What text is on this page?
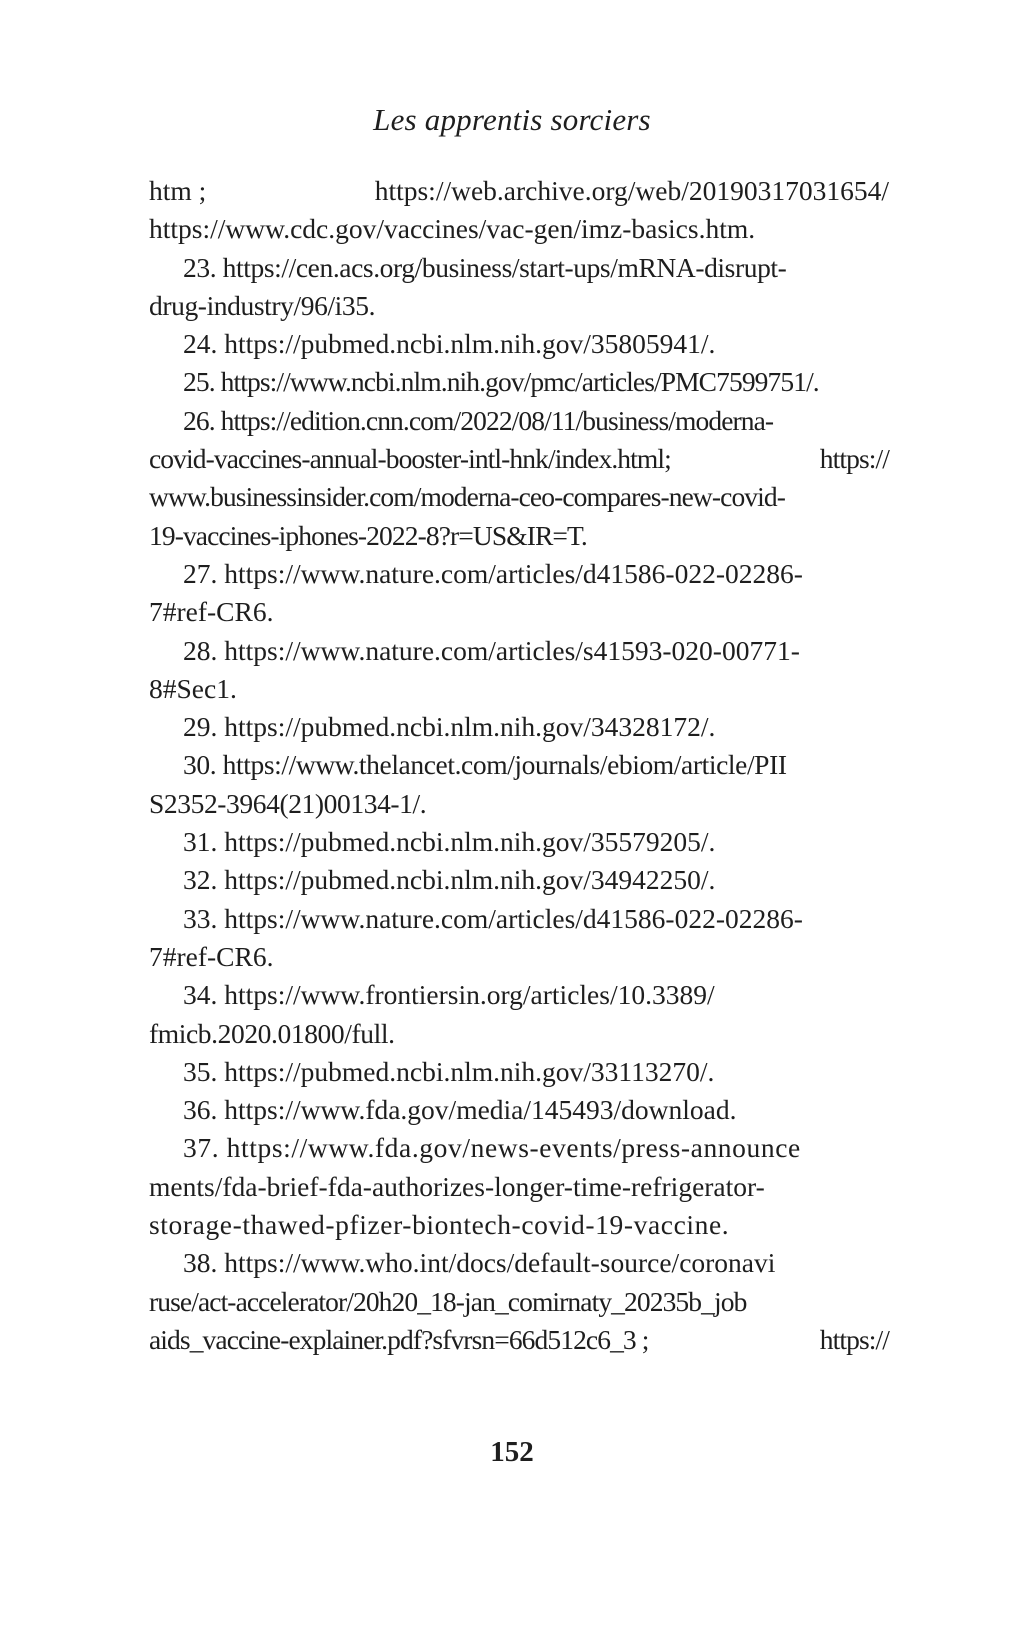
Les apprentis sorciers
htm ;	https://web.archive.org/web/20190317031654/
https://www.cdc.gov/vaccines/vac-gen/imz-basics.htm.
23. https://cen.acs.org/business/start-ups/mRNA-disrupt-
drug-industry/96/i35.
24. https://pubmed.ncbi.nlm.nih.gov/35805941/.
25. https://www.ncbi.nlm.nih.gov/pmc/articles/PMC7599751/.
26. https://edition.cnn.com/2022/08/11/business/moderna-
covid-vaccines-annual-booster-intl-hnk/index.html;	https://
www.businessinsider.com/moderna-ceo-compares-new-covid-
19-vaccines-iphones-2022-8?r=US&IR=T.
27. https://www.nature.com/articles/d41586-022-02286-
7#ref-CR6.
28. https://www.nature.com/articles/s41593-020-00771-
8#Sec1.
29. https://pubmed.ncbi.nlm.nih.gov/34328172/.
30. https://www.thelancet.com/journals/ebiom/article/PII
S2352-3964(21)00134-1/.
31. https://pubmed.ncbi.nlm.nih.gov/35579205/.
32. https://pubmed.ncbi.nlm.nih.gov/34942250/.
33. https://www.nature.com/articles/d41586-022-02286-
7#ref-CR6.
34. https://www.frontiersin.org/articles/10.3389/
fmicb.2020.01800/full.
35. https://pubmed.ncbi.nlm.nih.gov/33113270/.
36. https://www.fda.gov/media/145493/download.
37. https://www.fda.gov/news-events/press-announce
ments/fda-brief-fda-authorizes-longer-time-refrigerator-
storage-thawed-pfizer-biontech-covid-19-vaccine.
38. https://www.who.int/docs/default-source/coronavi
ruse/act-accelerator/20h20_18-jan_comirnaty_20235b_job
aids_vaccine-explainer.pdf?sfvrsn=66d512c6_3 ;	https://
152
